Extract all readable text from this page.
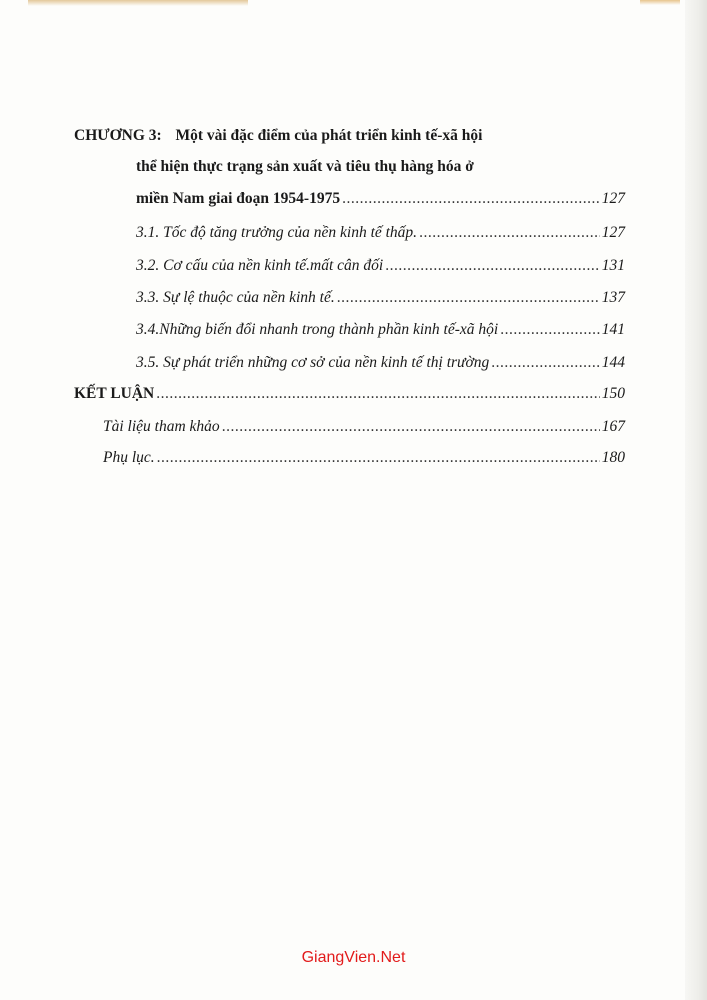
CHƯƠNG 3: Một vài đặc điểm của phát triển kinh tế-xã hội
thể hiện thực trạng sản xuất và tiêu thụ hàng hóa ở
miền Nam giai đoạn 1954-1975 .....	127
3.1. Tốc độ tăng trưởng của nền kinh tế thấp. .....	127
3.2. Cơ cấu của nền kinh tế.mất cân đối .....	131
3.3. Sự lệ thuộc của nền kinh tế. .....	137
3.4.Những biến đổi nhanh trong thành phần kinh tế-xã hội .....	141
3.5. Sự phát triển những cơ sở của nền kinh tế thị trường .....	144
KẾT LUẬN .....	150
Tài liệu tham khảo .....	167
Phụ lục. .....	180
GiangVien.Net
